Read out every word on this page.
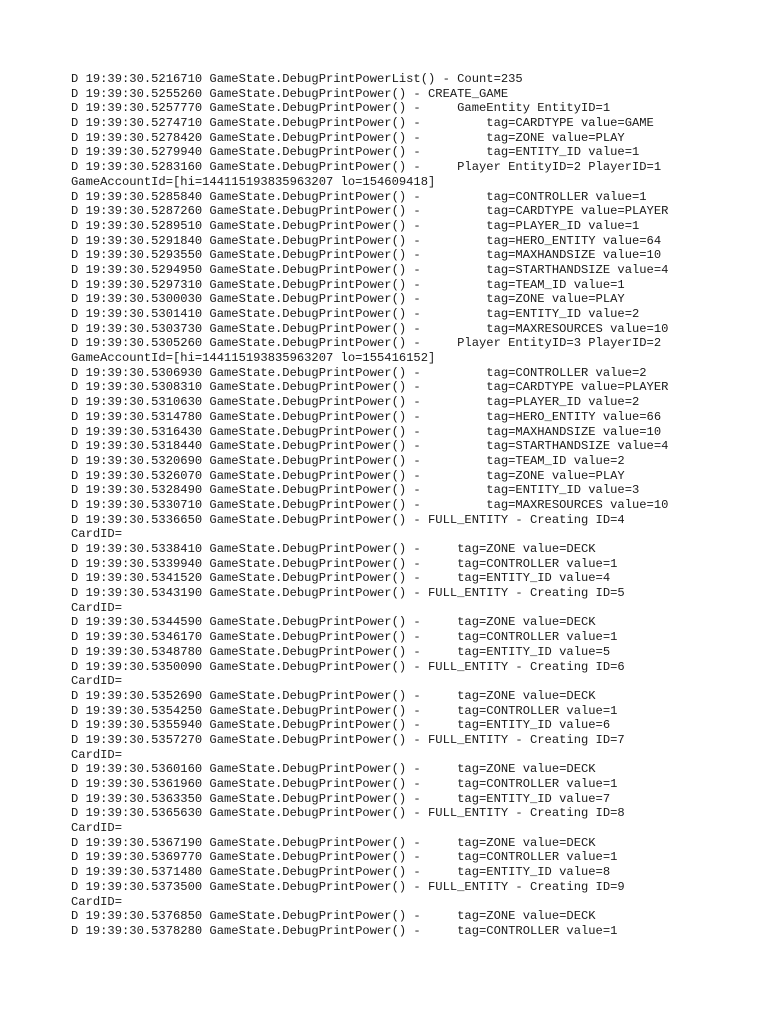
D 19:39:30.5216710 GameState.DebugPrintPowerList() - Count=235
D 19:39:30.5255260 GameState.DebugPrintPower() - CREATE_GAME
D 19:39:30.5257770 GameState.DebugPrintPower() -     GameEntity EntityID=1
D 19:39:30.5274710 GameState.DebugPrintPower() -         tag=CARDTYPE value=GAME
D 19:39:30.5278420 GameState.DebugPrintPower() -         tag=ZONE value=PLAY
D 19:39:30.5279940 GameState.DebugPrintPower() -         tag=ENTITY_ID value=1
D 19:39:30.5283160 GameState.DebugPrintPower() -     Player EntityID=2 PlayerID=1
GameAccountId=[hi=144115193835963207 lo=154609418]
D 19:39:30.5285840 GameState.DebugPrintPower() -         tag=CONTROLLER value=1
D 19:39:30.5287260 GameState.DebugPrintPower() -         tag=CARDTYPE value=PLAYER
D 19:39:30.5289510 GameState.DebugPrintPower() -         tag=PLAYER_ID value=1
D 19:39:30.5291840 GameState.DebugPrintPower() -         tag=HERO_ENTITY value=64
D 19:39:30.5293550 GameState.DebugPrintPower() -         tag=MAXHANDSIZE value=10
D 19:39:30.5294950 GameState.DebugPrintPower() -         tag=STARTHANDSIZE value=4
D 19:39:30.5297310 GameState.DebugPrintPower() -         tag=TEAM_ID value=1
D 19:39:30.5300030 GameState.DebugPrintPower() -         tag=ZONE value=PLAY
D 19:39:30.5301410 GameState.DebugPrintPower() -         tag=ENTITY_ID value=2
D 19:39:30.5303730 GameState.DebugPrintPower() -         tag=MAXRESOURCES value=10
D 19:39:30.5305260 GameState.DebugPrintPower() -     Player EntityID=3 PlayerID=2
GameAccountId=[hi=144115193835963207 lo=155416152]
D 19:39:30.5306930 GameState.DebugPrintPower() -         tag=CONTROLLER value=2
D 19:39:30.5308310 GameState.DebugPrintPower() -         tag=CARDTYPE value=PLAYER
D 19:39:30.5310630 GameState.DebugPrintPower() -         tag=PLAYER_ID value=2
D 19:39:30.5314780 GameState.DebugPrintPower() -         tag=HERO_ENTITY value=66
D 19:39:30.5316430 GameState.DebugPrintPower() -         tag=MAXHANDSIZE value=10
D 19:39:30.5318440 GameState.DebugPrintPower() -         tag=STARTHANDSIZE value=4
D 19:39:30.5320690 GameState.DebugPrintPower() -         tag=TEAM_ID value=2
D 19:39:30.5326070 GameState.DebugPrintPower() -         tag=ZONE value=PLAY
D 19:39:30.5328490 GameState.DebugPrintPower() -         tag=ENTITY_ID value=3
D 19:39:30.5330710 GameState.DebugPrintPower() -         tag=MAXRESOURCES value=10
D 19:39:30.5336650 GameState.DebugPrintPower() - FULL_ENTITY - Creating ID=4
CardID=
D 19:39:30.5338410 GameState.DebugPrintPower() -     tag=ZONE value=DECK
D 19:39:30.5339940 GameState.DebugPrintPower() -     tag=CONTROLLER value=1
D 19:39:30.5341520 GameState.DebugPrintPower() -     tag=ENTITY_ID value=4
D 19:39:30.5343190 GameState.DebugPrintPower() - FULL_ENTITY - Creating ID=5
CardID=
D 19:39:30.5344590 GameState.DebugPrintPower() -     tag=ZONE value=DECK
D 19:39:30.5346170 GameState.DebugPrintPower() -     tag=CONTROLLER value=1
D 19:39:30.5348780 GameState.DebugPrintPower() -     tag=ENTITY_ID value=5
D 19:39:30.5350090 GameState.DebugPrintPower() - FULL_ENTITY - Creating ID=6
CardID=
D 19:39:30.5352690 GameState.DebugPrintPower() -     tag=ZONE value=DECK
D 19:39:30.5354250 GameState.DebugPrintPower() -     tag=CONTROLLER value=1
D 19:39:30.5355940 GameState.DebugPrintPower() -     tag=ENTITY_ID value=6
D 19:39:30.5357270 GameState.DebugPrintPower() - FULL_ENTITY - Creating ID=7
CardID=
D 19:39:30.5360160 GameState.DebugPrintPower() -     tag=ZONE value=DECK
D 19:39:30.5361960 GameState.DebugPrintPower() -     tag=CONTROLLER value=1
D 19:39:30.5363350 GameState.DebugPrintPower() -     tag=ENTITY_ID value=7
D 19:39:30.5365630 GameState.DebugPrintPower() - FULL_ENTITY - Creating ID=8
CardID=
D 19:39:30.5367190 GameState.DebugPrintPower() -     tag=ZONE value=DECK
D 19:39:30.5369770 GameState.DebugPrintPower() -     tag=CONTROLLER value=1
D 19:39:30.5371480 GameState.DebugPrintPower() -     tag=ENTITY_ID value=8
D 19:39:30.5373500 GameState.DebugPrintPower() - FULL_ENTITY - Creating ID=9
CardID=
D 19:39:30.5376850 GameState.DebugPrintPower() -     tag=ZONE value=DECK
D 19:39:30.5378280 GameState.DebugPrintPower() -     tag=CONTROLLER value=1
